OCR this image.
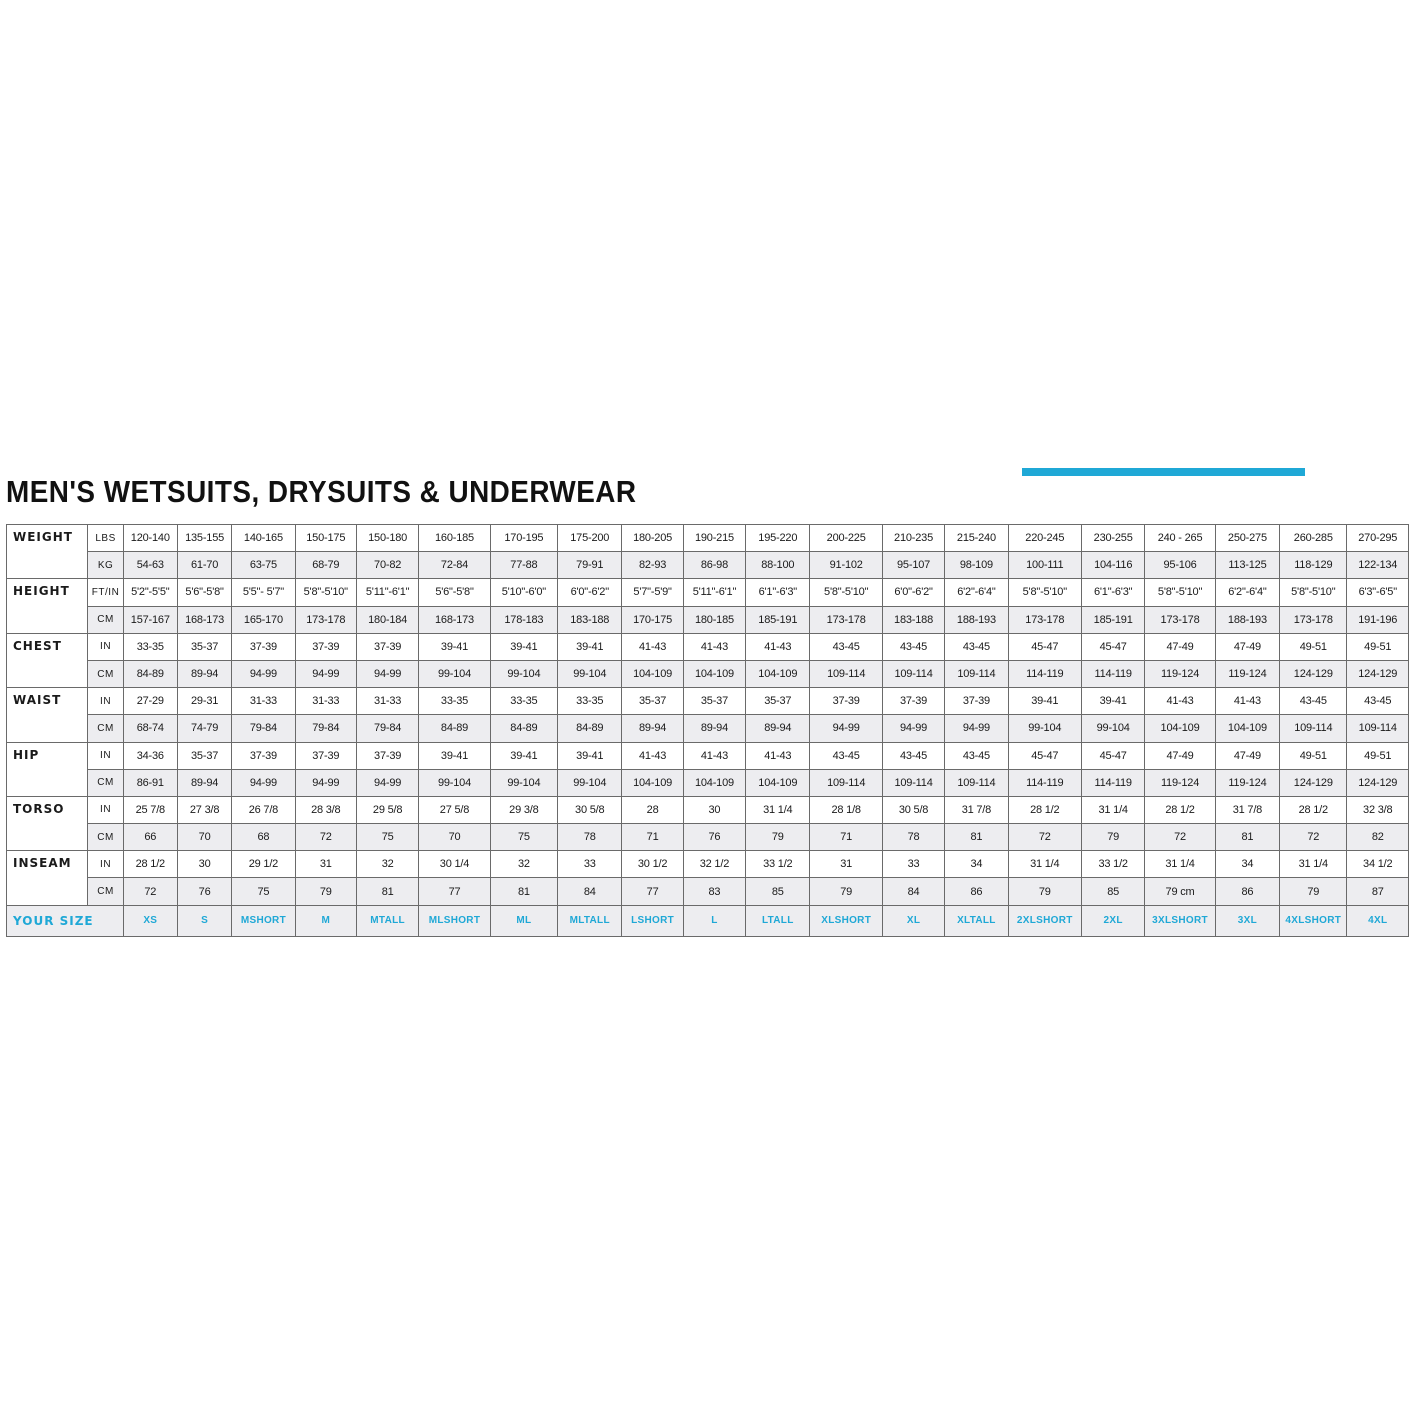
MEN'S WETSUITS, DRYSUITS & UNDERWEAR
WEIGHT	LBS	120-140	135-155	140-165	150-175	150-180	160-185	170-195	175-200	180-205	190-215	195-220	200-225	210-235	215-240	220-245	230-255	240 - 265	250-275	260-285	270-295
	KG	54-63	61-70	63-75	68-79	70-82	72-84	77-88	79-91	82-93	86-98	88-100	91-102	95-107	98-109	100-111	104-116	95-106	113-125	118-129	122-134
HEIGHT	FT/IN	5'2"-5'5"	5'6"-5'8"	5'5"- 5'7"	5'8"-5'10"	5'11"-6'1"	5'6"-5'8"	5'10"-6'0"	6'0"-6'2"	5'7"-5'9"	5'11"-6'1"	6'1"-6'3"	5'8"-5'10"	6'0"-6'2"	6'2"-6'4"	5'8"-5'10"	6'1"-6'3"	5'8"-5'10"	6'2"-6'4"	5'8"-5'10"	6'3"-6'5"
	CM	157-167	168-173	165-170	173-178	180-184	168-173	178-183	183-188	170-175	180-185	185-191	173-178	183-188	188-193	173-178	185-191	173-178	188-193	173-178	191-196
CHEST	IN	33-35	35-37	37-39	37-39	37-39	39-41	39-41	39-41	41-43	41-43	41-43	43-45	43-45	43-45	45-47	45-47	47-49	47-49	49-51	49-51
	CM	84-89	89-94	94-99	94-99	94-99	99-104	99-104	99-104	104-109	104-109	104-109	109-114	109-114	109-114	114-119	114-119	119-124	119-124	124-129	124-129
WAIST	IN	27-29	29-31	31-33	31-33	31-33	33-35	33-35	33-35	35-37	35-37	35-37	37-39	37-39	37-39	39-41	39-41	41-43	41-43	43-45	43-45
	CM	68-74	74-79	79-84	79-84	79-84	84-89	84-89	84-89	89-94	89-94	89-94	94-99	94-99	94-99	99-104	99-104	104-109	104-109	109-114	109-114
HIP	IN	34-36	35-37	37-39	37-39	37-39	39-41	39-41	39-41	41-43	41-43	41-43	43-45	43-45	43-45	45-47	45-47	47-49	47-49	49-51	49-51
	CM	86-91	89-94	94-99	94-99	94-99	99-104	99-104	99-104	104-109	104-109	104-109	109-114	109-114	109-114	114-119	114-119	119-124	119-124	124-129	124-129
TORSO	IN	25 7/8	27 3/8	26 7/8	28 3/8	29 5/8	27 5/8	29 3/8	30 5/8	28	30	31 1/4	28 1/8	30 5/8	31 7/8	28 1/2	31 1/4	28 1/2	31 7/8	28 1/2	32 3/8
	CM	66	70	68	72	75	70	75	78	71	76	79	71	78	81	72	79	72	81	72	82
INSEAM	IN	28 1/2	30	29 1/2	31	32	30 1/4	32	33	30 1/2	32 1/2	33 1/2	31	33	34	31 1/4	33 1/2	31 1/4	34	31 1/4	34 1/2
	CM	72	76	75	79	81	77	81	84	77	83	85	79	84	86	79	85	79 cm	86	79	87
YOUR SIZE		XS	S	MSHORT	M	MTALL	MLSHORT	ML	MLTALL	LSHORT	L	LTALL	XLSHORT	XL	XLTALL	2XLSHORT	2XL	3XLSHORT	3XL	4XLSHORT	4XL
